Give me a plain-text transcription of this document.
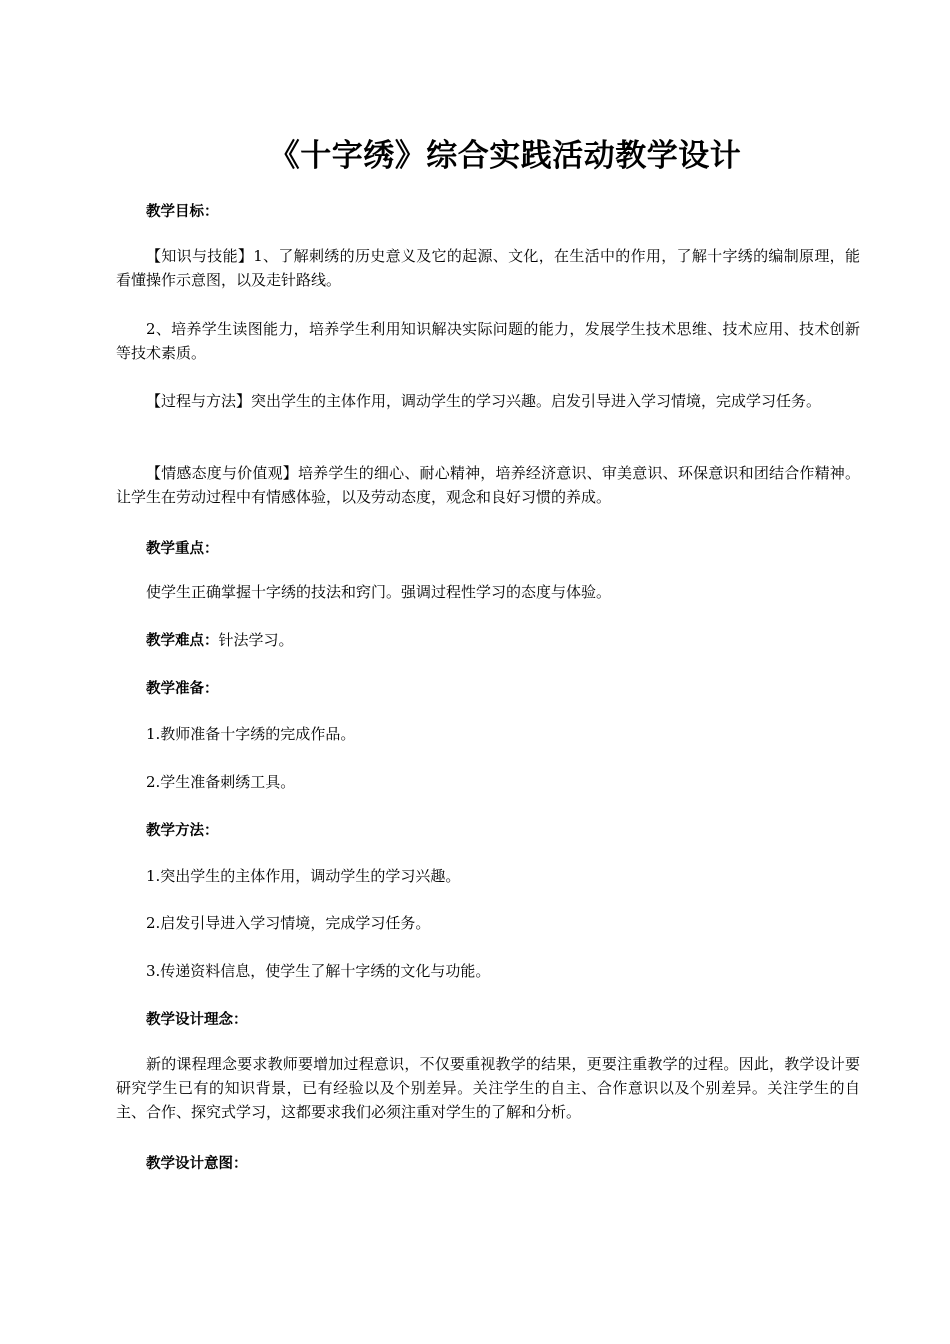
《十字绣》综合实践活动教学设计
教学目标：
【知识与技能】1、了解刺绣的历史意义及它的起源、文化，在生活中的作用，了解十字绣的编制原理，能看懂操作示意图，以及走针路线。
2、培养学生读图能力，培养学生利用知识解决实际问题的能力，发展学生技术思维、技术应用、技术创新等技术素质。
【过程与方法】突出学生的主体作用，调动学生的学习兴趣。启发引导进入学习情境，完成学习任务。
【情感态度与价值观】培养学生的细心、耐心精神，培养经济意识、审美意识、环保意识和团结合作精神。让学生在劳动过程中有情感体验，以及劳动态度，观念和良好习惯的养成。
教学重点：
使学生正确掌握十字绣的技法和窍门。强调过程性学习的态度与体验。
教学难点：针法学习。
教学准备：
1.教师准备十字绣的完成作品。
2.学生准备刺绣工具。
教学方法：
1.突出学生的主体作用，调动学生的学习兴趣。
2.启发引导进入学习情境，完成学习任务。
3.传递资料信息，使学生了解十字绣的文化与功能。
教学设计理念：
新的课程理念要求教师要增加过程意识，不仅要重视教学的结果，更要注重教学的过程。因此，教学设计要研究学生已有的知识背景，已有经验以及个别差异。关注学生的自主、合作意识以及个别差异。关注学生的自主、合作、探究式学习，这都要求我们必须注重对学生的了解和分析。
教学设计意图：
